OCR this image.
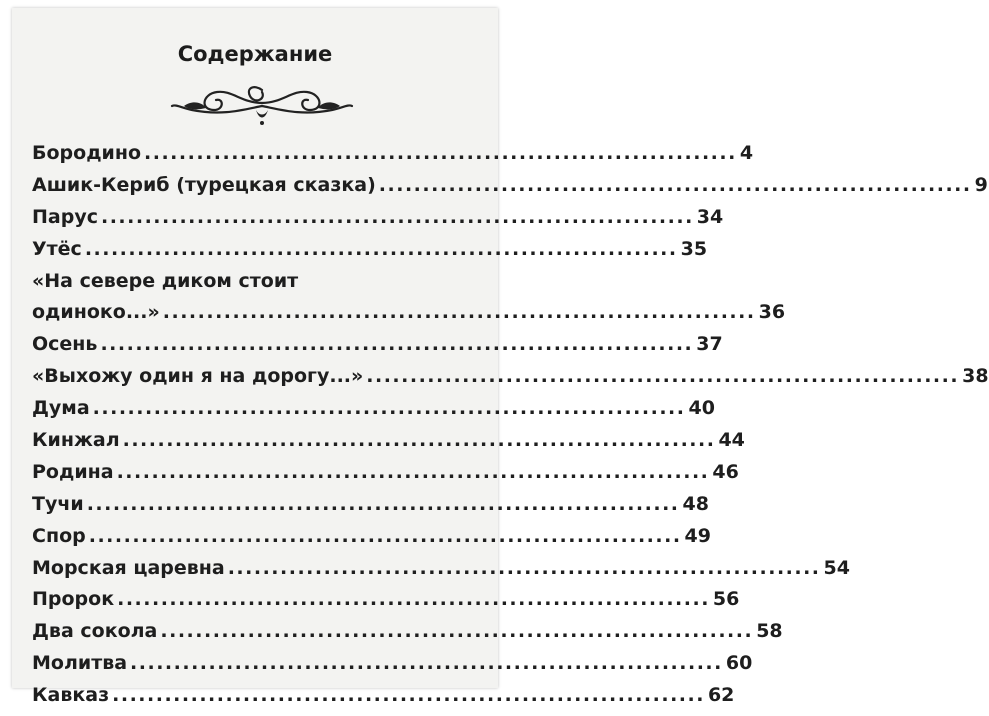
Содержание
Бородино .................................................................... 4
Ашик-Кериб (турецкая сказка) .................................................................... 9
Парус .................................................................... 34
Утёс .................................................................... 35
«На севере диком стоит
одиноко...» .................................................................... 36
Осень .................................................................... 37
«Выхожу один я на дорогу...» .................................................................... 38
Дума .................................................................... 40
Кинжал .................................................................... 44
Родина .................................................................... 46
Тучи .................................................................... 48
Спор .................................................................... 49
Морская царевна .................................................................... 54
Пророк .................................................................... 56
Два сокола .................................................................... 58
Молитва .................................................................... 60
Кавказ .................................................................... 62
